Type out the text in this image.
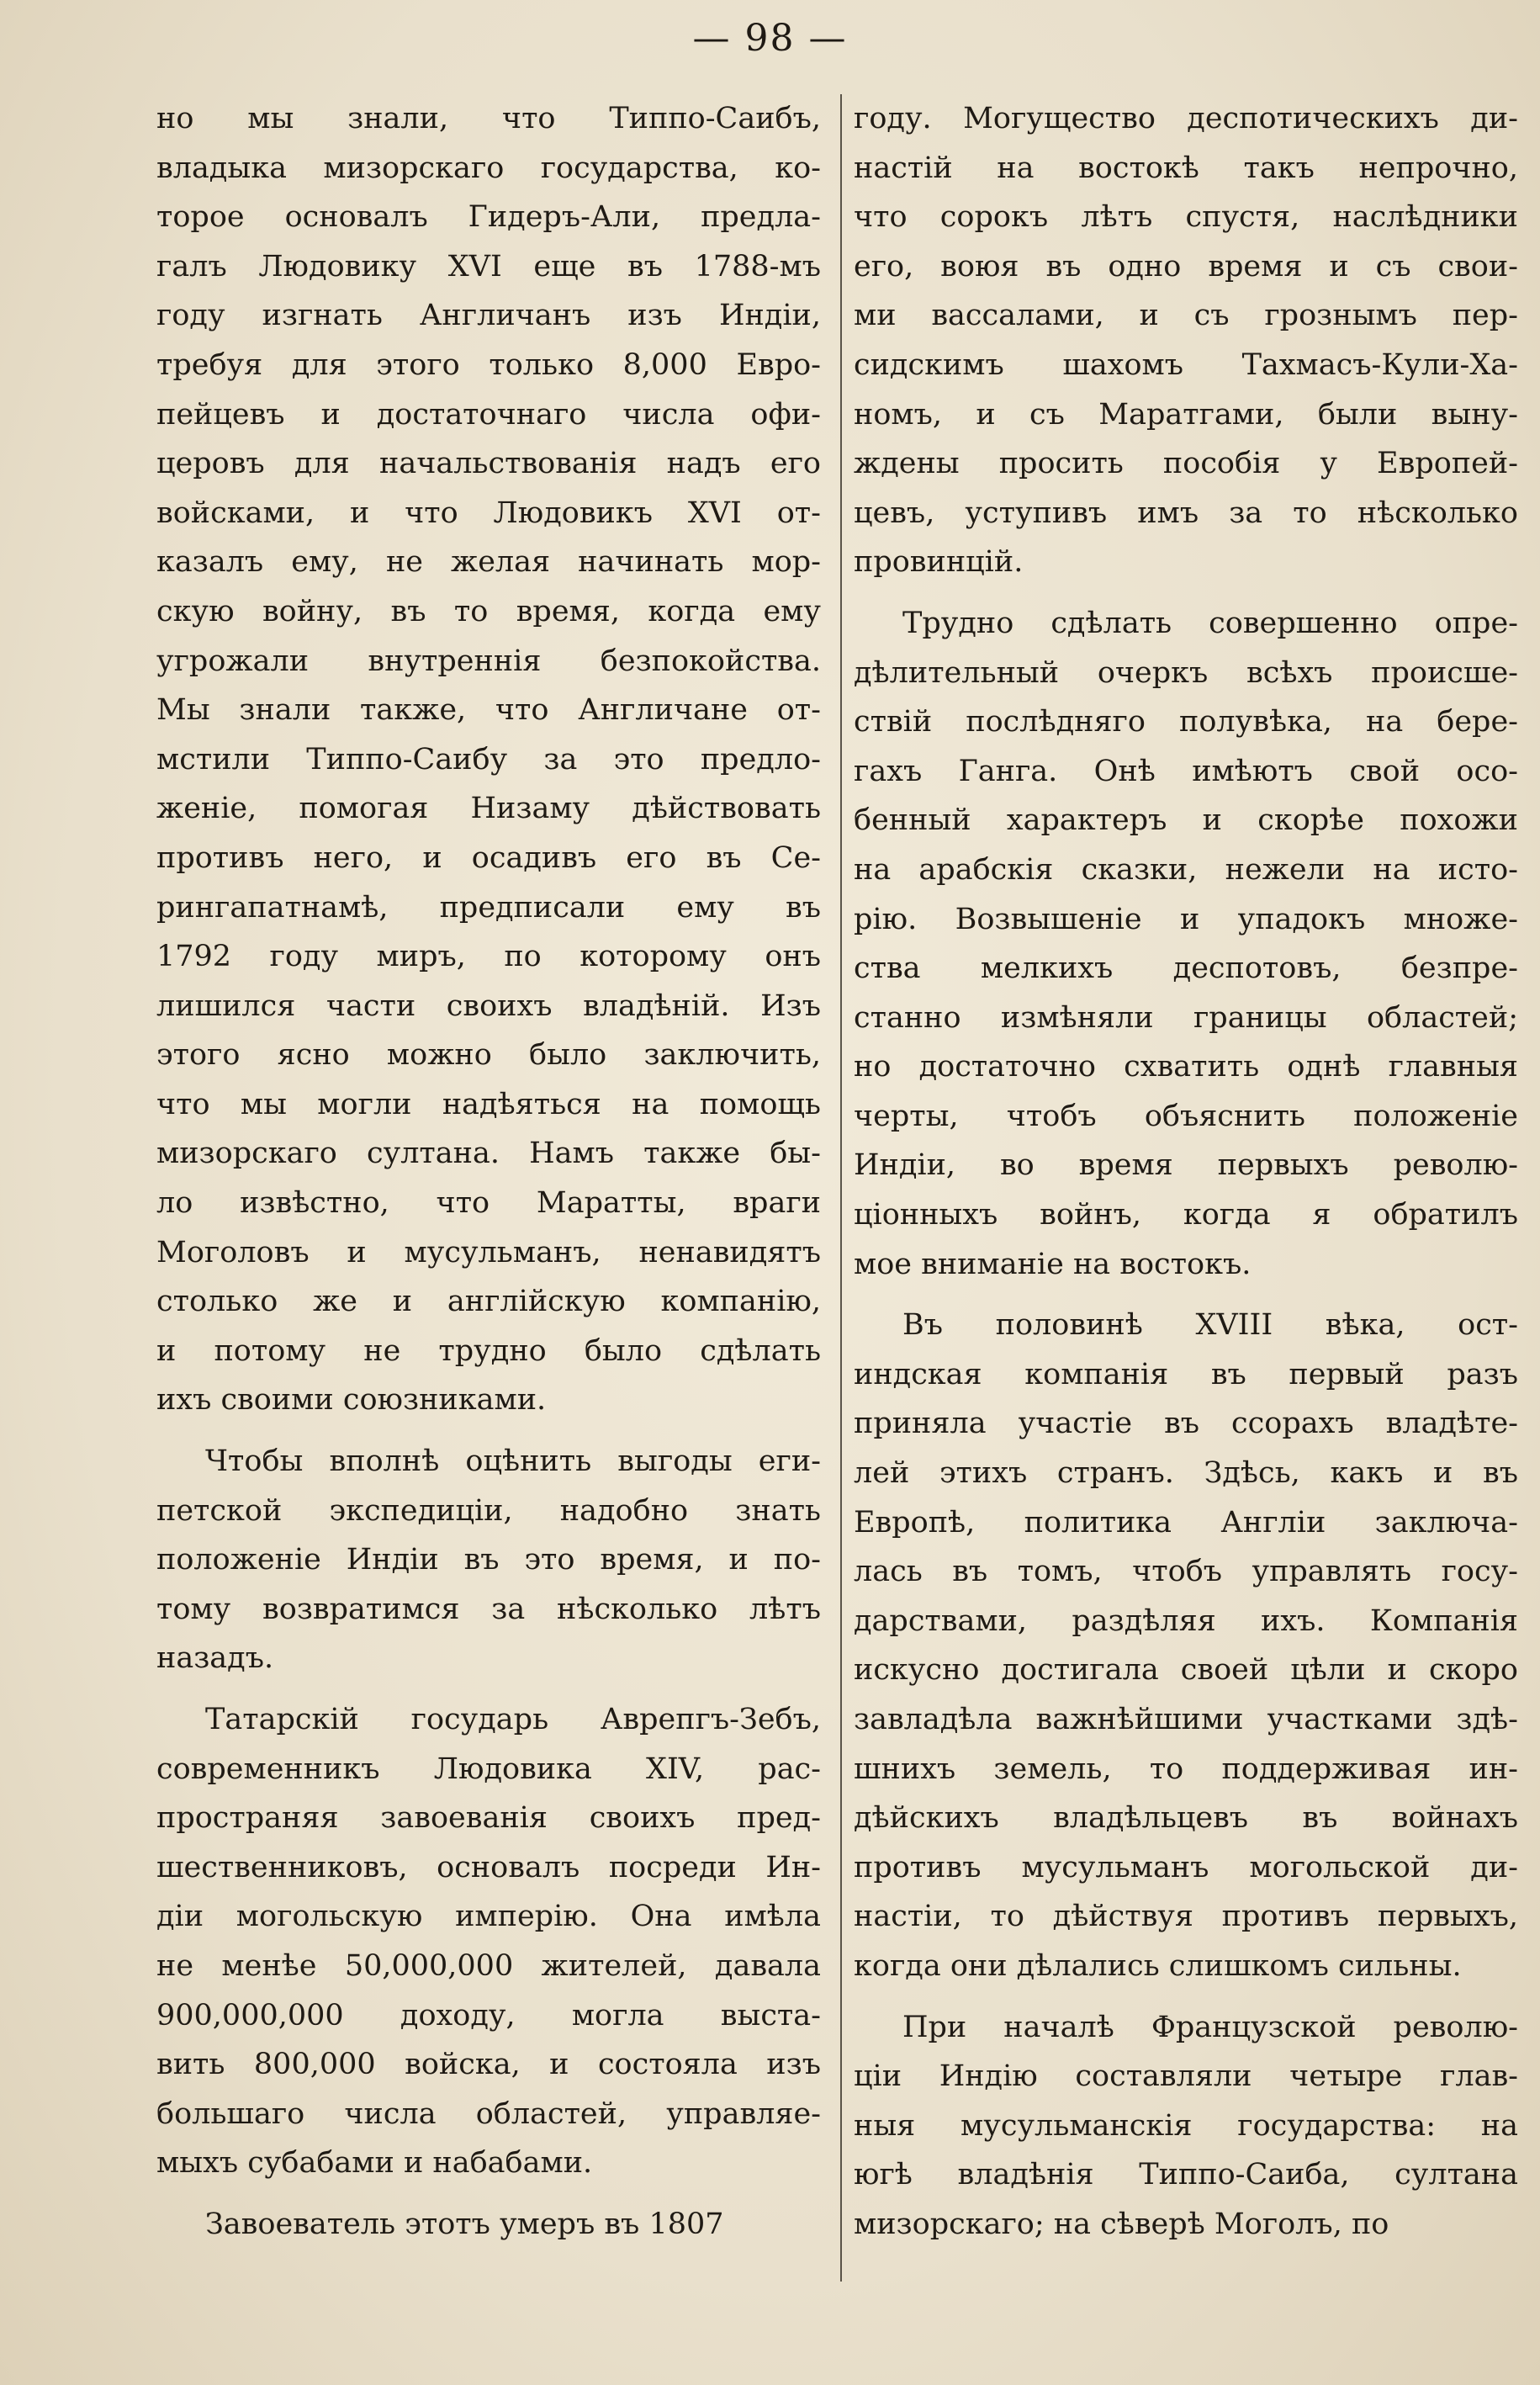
— 98 —
но мы знали, что Типпо-Саибъ,
владыка мизорскаго государства, ко-
торое основалъ Гидеръ-Али, предла-
галъ Людовику XVI еще въ 1788-мъ
году изгнать Англичанъ изъ Индіи,
требуя для этого только 8,000 Евро-
пейцевъ и достаточнаго числа офи-
церовъ для начальствованія надъ его
войсками, и что Людовикъ XVI от-
казалъ ему, не желая начинать мор-
скую войну, въ то время, когда ему
угрожали внутреннія безпокойства.
Мы знали также, что Англичане от-
мстили Типпо-Саибу за это предло-
женіе, помогая Низаму дѣйствовать
противъ него, и осадивъ его въ Се-
рингапатнамѣ, предписали ему въ
1792 году миръ, по которому онъ
лишился части своихъ владѣній. Изъ
этого ясно можно было заключить,
что мы могли надѣяться на помощь
мизорскаго султана. Намъ также бы-
ло извѣстно, что Маратты, враги
Моголовъ и мусульманъ, ненавидятъ
столько же и англійскую компанію,
и потому не трудно было сдѣлать
ихъ своими союзниками.
Чтобы вполнѣ оцѣнить выгоды еги-
петской экспедиціи, надобно знать
положеніе Индіи въ это время, и по-
тому возвратимся за нѣсколько лѣтъ
назадъ.
Татарскій государь Аврепгъ-Зебъ,
современникъ Людовика XIV, рас-
пространяя завоеванія своихъ пред-
шественниковъ, основалъ посреди Ин-
діи могольскую имперію. Она имѣла
не менѣе 50,000,000 жителей, давала
900,000,000 доходу, могла выста-
вить 800,000 войска, и состояла изъ
большаго числа областей, управляе-
мыхъ субабами и набабами.
Завоеватель этотъ умеръ въ 1807
году. Могущество деспотическихъ ди-
настій на востокѣ такъ непрочно,
что сорокъ лѣтъ спустя, наслѣдники
его, воюя въ одно время и съ свои-
ми вассалами, и съ грознымъ пер-
сидскимъ шахомъ Тахмасъ-Кули-Ха-
номъ, и съ Маратгами, были выну-
ждены просить пособія у Европей-
цевъ, уступивъ имъ за то нѣсколько
провинцій.
Трудно сдѣлать совершенно опре-
дѣлительный очеркъ всѣхъ происше-
ствій послѣдняго полувѣка, на бере-
гахъ Ганга. Онѣ имѣютъ свой осо-
бенный характеръ и скорѣе похожи
на арабскія сказки, нежели на исто-
рію. Возвышеніе и упадокъ множе-
ства мелкихъ деспотовъ, безпре-
станно измѣняли границы областей;
но достаточно схватить однѣ главныя
черты, чтобъ объяснить положеніе
Индіи, во время первыхъ револю-
ціонныхъ войнъ, когда я обратилъ
мое вниманіе на востокъ.
Въ половинѣ XVIII вѣка, ост-
индская компанія въ первый разъ
приняла участіе въ ссорахъ владѣте-
лей этихъ странъ. Здѣсь, какъ и въ
Европѣ, политика Англіи заключа-
лась въ томъ, чтобъ управлять госу-
дарствами, раздѣляя ихъ. Компанія
искусно достигала своей цѣли и скоро
завладѣла важнѣйшими участками здѣ-
шнихъ земель, то поддерживая ин-
дѣйскихъ владѣльцевъ въ войнахъ
противъ мусульманъ могольской ди-
настіи, то дѣйствуя противъ первыхъ,
когда они дѣлались слишкомъ сильны.
При началѣ Французской револю-
ціи Индію составляли четыре глав-
ныя мусульманскія государства: на
югѣ владѣнія Типпо-Саиба, султана
мизорскаго; на сѣверѣ Моголъ, по
